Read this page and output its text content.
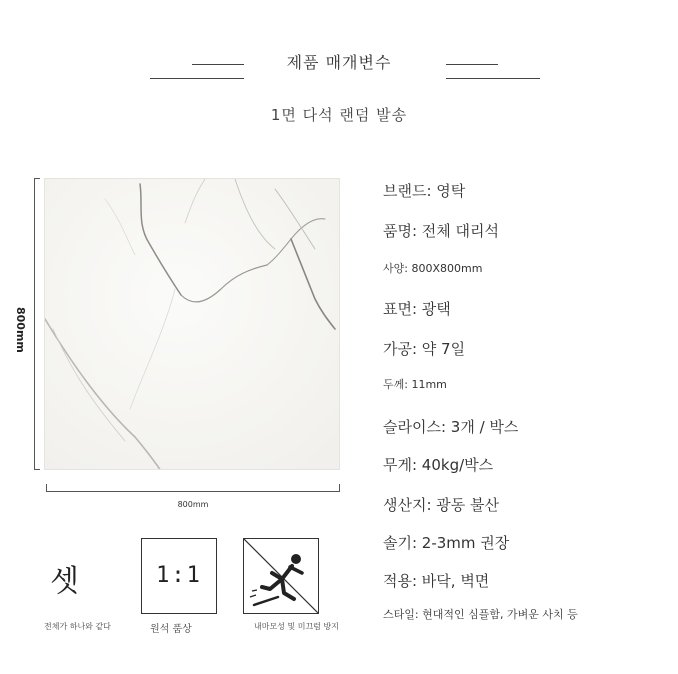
제품 매개변수
1면 다석 랜덤 발송
800mm
800mm
브랜드: 영탁
품명: 전체 대리석
사양: 800X800mm
표면: 광택
가공: 약 7일
두께: 11mm
슬라이스: 3개 / 박스
무게: 40kg/박스
생산지: 광동 불산
솔기: 2-3mm 권장
적용: 바닥, 벽면
스타일: 현대적인 심플함, 가벼운 사치 등
셋
전체가 하나와 같다
1:1
원석 품상	내마모성 및 미끄럼 방지
